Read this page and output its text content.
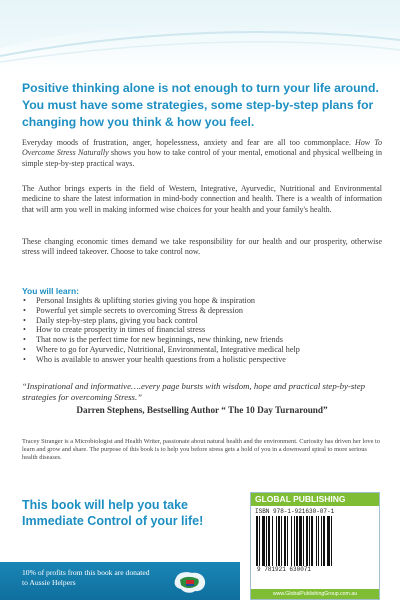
Positive thinking alone is not enough to turn your life around. You must have some strategies, some step-by-step plans for changing how you think & how you feel.

Everyday moods of frustration, anger, hopelessness, anxiety and fear are all too commonplace. How To Overcome Stress Naturally shows you how to take control of your mental, emotional and physical wellbeing in simple step-by-step practical ways.

The Author brings experts in the field of Western, Integrative, Ayurvedic, Nutritional and Environmental medicine to share the latest information in mind-body connection and health. There is a wealth of information that will arm you well in making informed wise choices for your health and your family's health.

These changing economic times demand we take responsibility for our health and our prosperity, otherwise stress will indeed takeover. Choose to take control now.

You will learn:

• Personal Insights & uplifting stories giving you hope & inspiration
• Powerful yet simple secrets to overcoming Stress & depression
• Daily step-by-step plans, giving you back control
• How to create prosperity in times of financial stress
• That now is the perfect time for new beginnings, new thinking, new friends
• Where to go for Ayurvedic, Nutritional, Environmental, Integrative medical help
• Who is available to answer your health questions from a holistic perspective

“Inspirational and informative….every page bursts with wisdom, hope and practical step-by-step strategies for overcoming Stress.”

Darren Stephens, Bestselling Author “ The 10 Day Turnaround”

Tracey Stranger is a Microbiologist and Health Writer, passionate about natural health and the environment. Curiosity has driven her love to learn and grow and share. The purpose of this book is to help you before stress gets a hold of you in a downward spiral to more serious health diseases.

This book will help you take Immediate Control of your life!

GLOBAL PUBLISHING
ISBN 978-1-921630-07-1
9 781921 630071
www.GlobalPublishingGroup.com.au

10% of profits from this book are donated to Aussie Helpers
